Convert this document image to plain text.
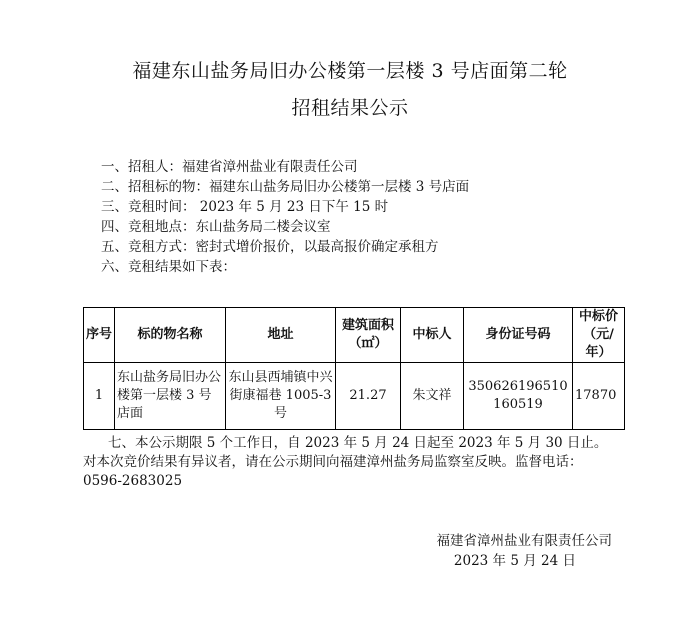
福建东山盐务局旧办公楼第一层楼 3 号店面第二轮
招租结果公示
一、招租人：福建省漳州盐业有限责任公司
二、招租标的物：福建东山盐务局旧办公楼第一层楼 3 号店面
三、竞租时间： 2023 年 5 月 23 日下午 15 时
四、竞租地点：东山盐务局二楼会议室
五、竞租方式：密封式增价报价，以最高报价确定承租方
六、竞租结果如下表：
序号	标的物名称	地址	建筑面积（㎡）	中标人	身份证号码	中标价（元/年）
1	东山盐务局旧办公楼第一层楼 3 号店面	东山县西埔镇中兴街康福巷 1005-3 号	21.27	朱文祥	350626196510160519	17870
七、本公示期限 5 个工作日，自 2023 年 5 月 24 日起至 2023 年 5 月 30 日止。
对本次竞价结果有异议者，请在公示期间向福建漳州盐务局监察室反映。监督电话：
0596-2683025
福建省漳州盐业有限责任公司
2023 年 5 月 24 日
